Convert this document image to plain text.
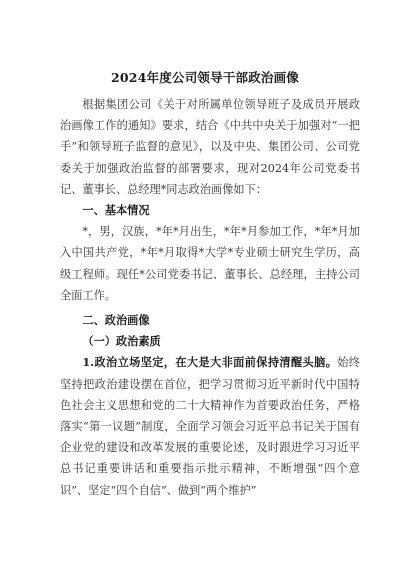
2024年度公司领导干部政治画像

根据集团公司《关于对所属单位领导班子及成员开展政治画像工作的通知》要求，结合《中共中央关于加强对“一把手”和领导班子监督的意见》，以及中央、集团公司、公司党委关于加强政治监督的部署要求，现对2024年公司党委书记、董事长、总经理*同志政治画像如下：

一、基本情况

*，男，汉族，*年*月出生，*年*月参加工作，*年*月加入中国共产党，*年*月取得*大学*专业硕士研究生学历，高级工程师。现任*公司党委书记、董事长、总经理，主持公司全面工作。

二、政治画像

（一）政治素质

1.政治立场坚定，在大是大非面前保持清醒头脑。始终坚持把政治建设摆在首位，把学习贯彻习近平新时代中国特色社会主义思想和党的二十大精神作为首要政治任务，严格落实“第一议题”制度，全面学习领会习近平总书记关于国有企业党的建设和改革发展的重要论述，及时跟进学习习近平总书记重要讲话和重要指示批示精神，不断增强“四个意识”、坚定“四个自信”、做到“两个维护”
